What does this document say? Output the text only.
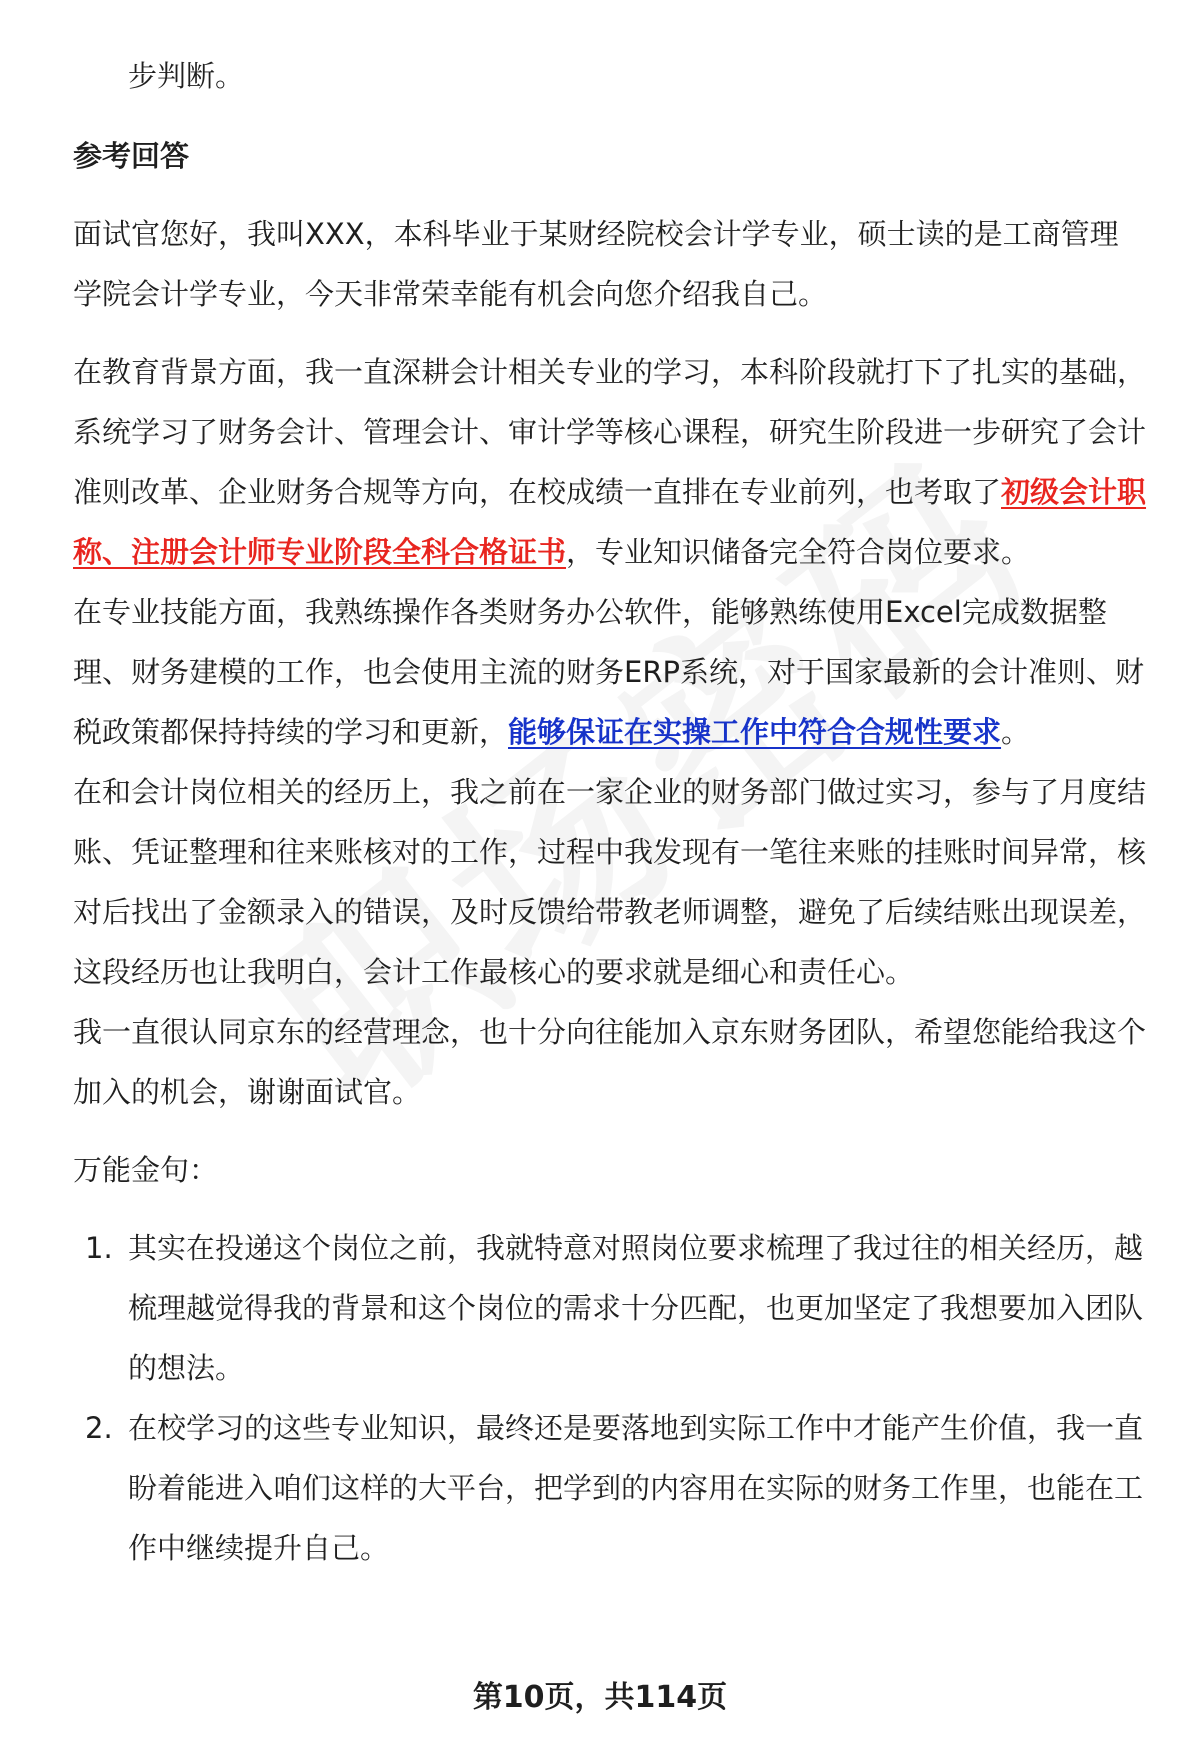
步判断。

参考回答

面试官您好，我叫XXX，本科毕业于某财经院校会计学专业，硕士读的是工商管理学院会计学专业，今天非常荣幸能有机会向您介绍我自己。

在教育背景方面，我一直深耕会计相关专业的学习，本科阶段就打下了扎实的基础，系统学习了财务会计、管理会计、审计学等核心课程，研究生阶段进一步研究了会计准则改革、企业财务合规等方向，在校成绩一直排在专业前列，也考取了初级会计职称、注册会计师专业阶段全科合格证书，专业知识储备完全符合岗位要求。

在专业技能方面，我熟练操作各类财务办公软件，能够熟练使用Excel完成数据整理、财务建模的工作，也会使用主流的财务ERP系统，对于国家最新的会计准则、财税政策都保持持续的学习和更新，能够保证在实操工作中符合合规性要求。

在和会计岗位相关的经历上，我之前在一家企业的财务部门做过实习，参与了月度结账、凭证整理和往来账核对的工作，过程中我发现有一笔往来账的挂账时间异常，核对后找出了金额录入的错误，及时反馈给带教老师调整，避免了后续结账出现误差，这段经历也让我明白，会计工作最核心的要求就是细心和责任心。

我一直很认同京东的经营理念，也十分向往能加入京东财务团队，希望您能给我这个加入的机会，谢谢面试官。

万能金句：

1. 其实在投递这个岗位之前，我就特意对照岗位要求梳理了我过往的相关经历，越梳理越觉得我的背景和这个岗位的需求十分匹配，也更加坚定了我想要加入团队的想法。
2. 在校学习的这些专业知识，最终还是要落地到实际工作中才能产生价值，我一直盼着能进入咱们这样的大平台，把学到的内容用在实际的财务工作里，也能在工作中继续提升自己。
第10页，共114页
